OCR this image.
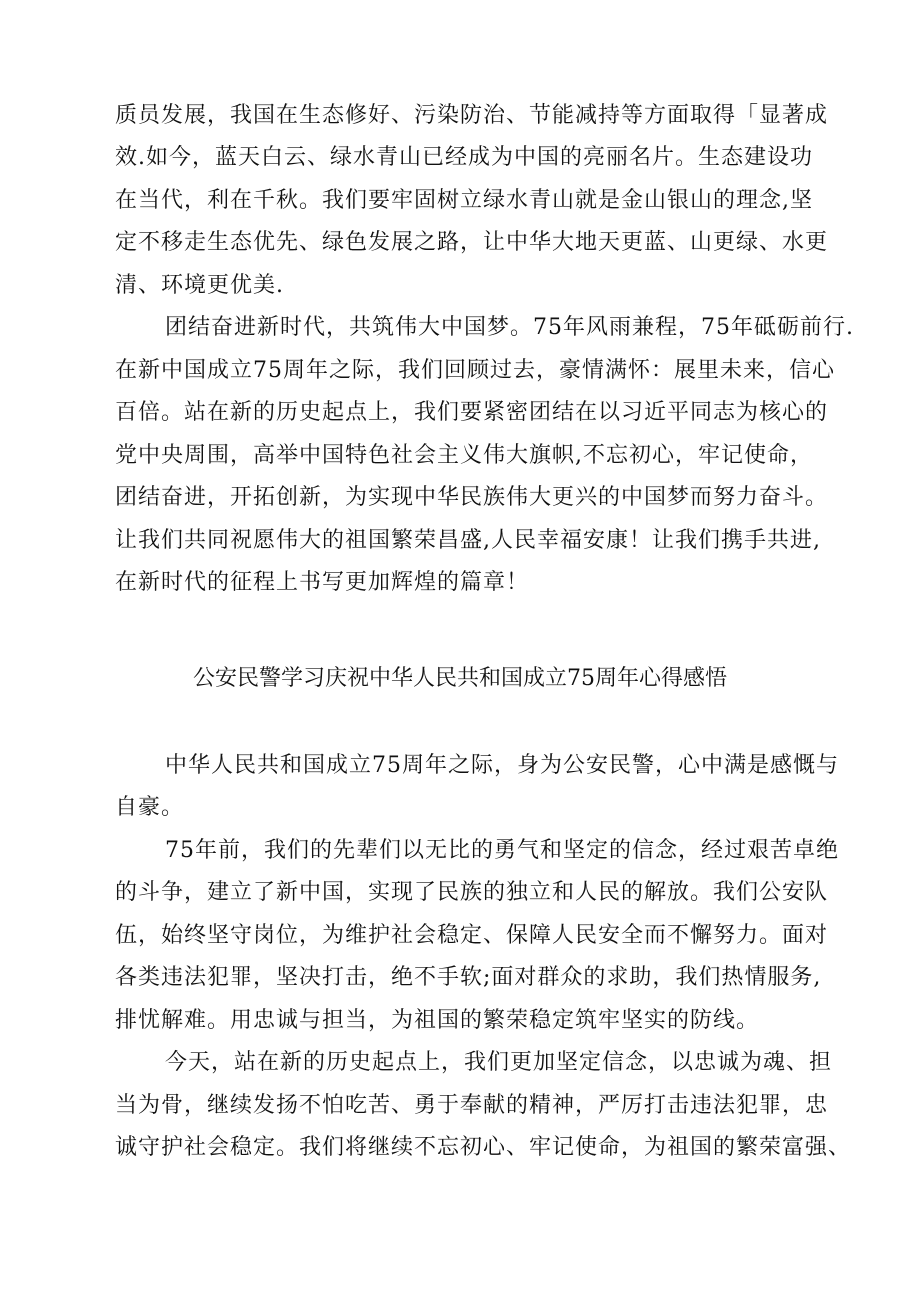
质员发展，我国在生态修好、污染防治、节能减持等方面取得「显著成
效.如今，蓝天白云、绿水青山已经成为中国的亮丽名片。生态建设功
在当代，利在千秋。我们要牢固树立绿水青山就是金山银山的理念,坚
定不移走生态优先、绿色发展之路，让中华大地天更蓝、山更绿、水更
清、环境更优美.
团结奋进新时代，共筑伟大中国梦。75年风雨兼程，75年砥砺前行.
在新中国成立75周年之际，我们回顾过去，豪情满怀：展里未来，信心
百倍。站在新的历史起点上，我们要紧密团结在以习近平同志为核心的
党中央周围，高举中国特色社会主义伟大旗帜,不忘初心，牢记使命，
团结奋进，开拓创新，为实现中华民族伟大更兴的中国梦而努力奋斗。
让我们共同祝愿伟大的祖国繁荣昌盛,人民幸福安康！让我们携手共进,
在新时代的征程上书写更加辉煌的篇章！
公安民警学习庆祝中华人民共和国成立75周年心得感悟
中华人民共和国成立75周年之际，身为公安民警，心中满是感慨与
自豪。
75年前，我们的先辈们以无比的勇气和坚定的信念，经过艰苦卓绝
的斗争，建立了新中国，实现了民族的独立和人民的解放。我们公安队
伍，始终坚守岗位，为维护社会稳定、保障人民安全而不懈努力。面对
各类违法犯罪，坚决打击，绝不手软;面对群众的求助，我们热情服务,
排忧解难。用忠诚与担当，为祖国的繁荣稳定筑牢坚实的防线。
今天，站在新的历史起点上，我们更加坚定信念，以忠诚为魂、担
当为骨，继续发扬不怕吃苦、勇于奉献的精神，严厉打击违法犯罪，忠
诚守护社会稳定。我们将继续不忘初心、牢记使命，为祖国的繁荣富强、
